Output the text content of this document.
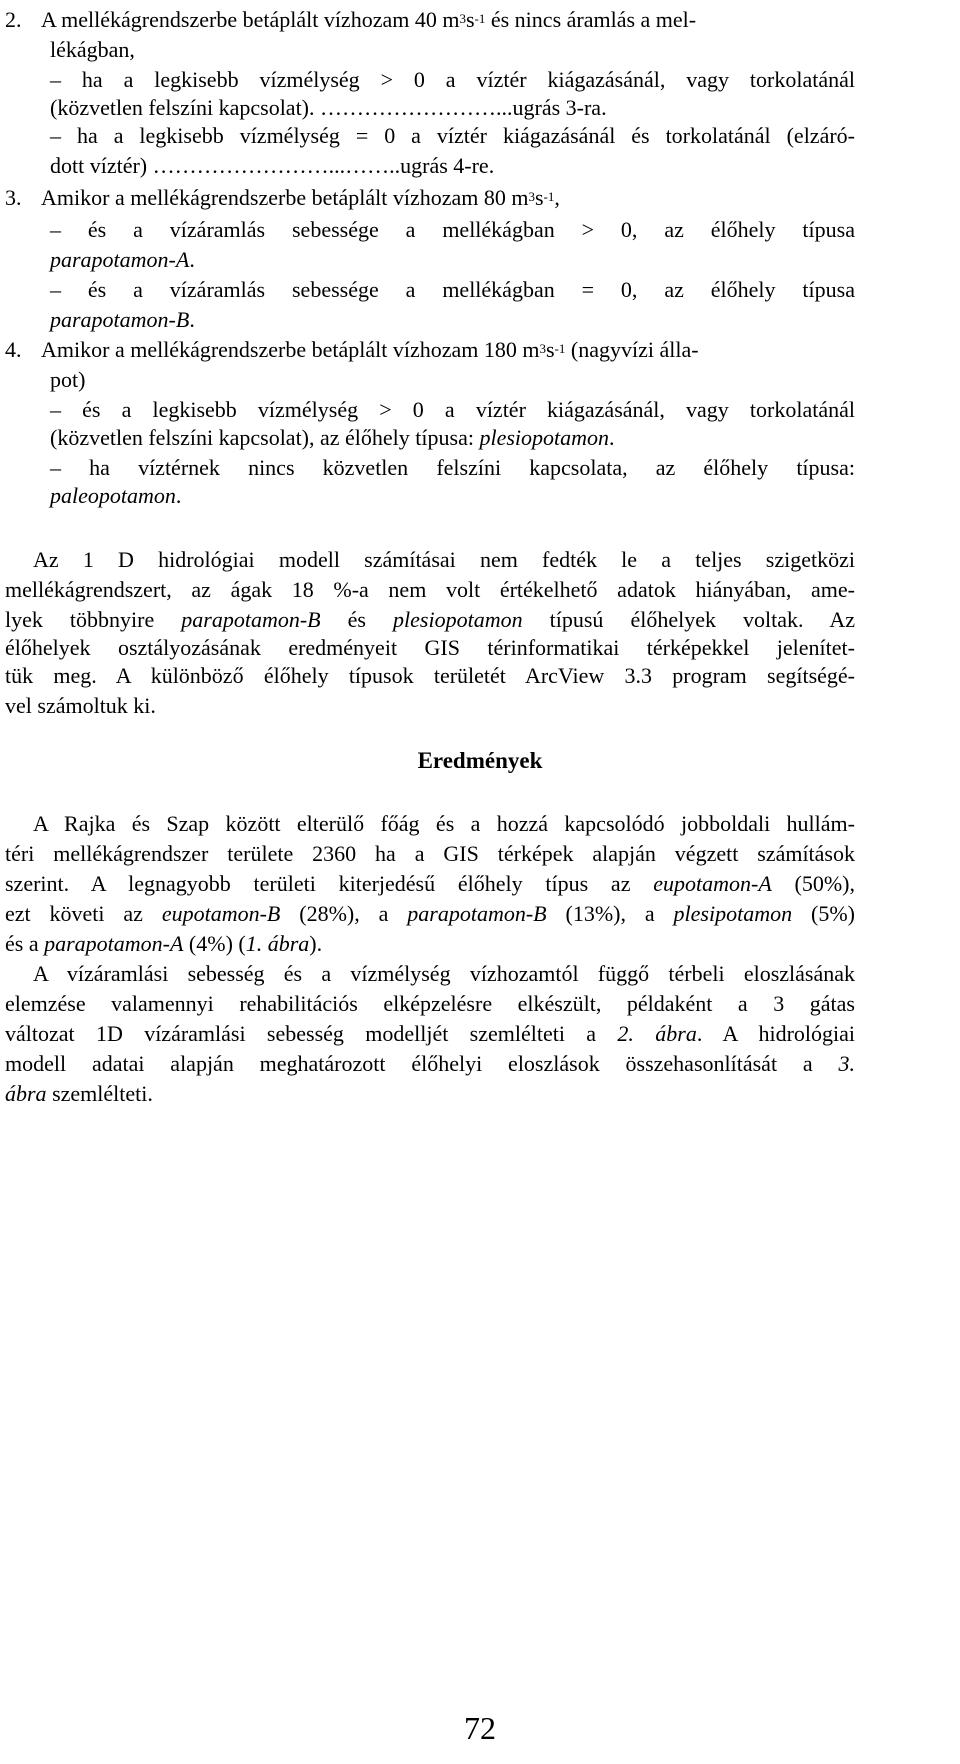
2. A mellékágrendszerbe betáplált vízhozam 40 $m^3s^{-1}$ és nincs áramlás a mel-
lékágban,
– ha a legkisebb vízmélység > 0 a víztér kiágazásánál, vagy torkolatánál
(közvetlen felszíni kapcsolat). ……………………...ugrás 3-ra.
– ha a legkisebb vízmélység = 0 a víztér kiágazásánál és torkolatánál (elzáró-
dott víztér) ……………………...……..ugrás 4-re.
3. Amikor a mellékágrendszerbe betáplált vízhozam 80 $m^3s^{-1}$,
– és a vízáramlás sebessége a mellékágban > 0, az élőhely típusa
parapotamon-A.
– és a vízáramlás sebessége a mellékágban = 0, az élőhely típusa
parapotamon-B.
4. Amikor a mellékágrendszerbe betáplált vízhozam 180 $m^3s^{-1}$ (nagyvízi álla-
pot)
– és a legkisebb vízmélység > 0 a víztér kiágazásánál, vagy torkolatánál
(közvetlen felszíni kapcsolat), az élőhely típusa: plesiopotamon.
– ha víztérnek nincs közvetlen felszíni kapcsolata, az élőhely típusa:
paleopotamon.
Az 1 D hidrológiai modell számításai nem fedték le a teljes szigetközi
mellékágrendszert, az ágak 18 %-a nem volt értékelhető adatok hiányában, ame-
lyek többnyire parapotamon-B és plesiopotamon típusú élőhelyek voltak. Az
élőhelyek osztályozásának eredményeit GIS térinformatikai térképekkel jelenítet-
tük meg. A különböző élőhely típusok területét ArcView 3.3 program segítségé-
vel számoltuk ki.
Eredmények
A Rajka és Szap között elterülő főág és a hozzá kapcsolódó jobboldali hullám-
téri mellékágrendszer területe 2360 ha a GIS térképek alapján végzett számítások
szerint. A legnagyobb területi kiterjedésű élőhely típus az eupotamon-A (50%),
ezt követi az eupotamon-B (28%), a parapotamon-B (13%), a plesipotamon (5%)
és a parapotamon-A (4%) (1. ábra).
A vízáramlási sebesség és a vízmélység vízhozamtól függő térbeli eloszlásának
elemzése valamennyi rehabilitációs elképzelésre elkészült, példaként a 3 gátas
változat 1D vízáramlási sebesség modelljét szemlélteti a 2. ábra. A hidrológiai
modell adatai alapján meghatározott élőhelyi eloszlások összehasonlítását a 3.
ábra szemlélteti.
72
